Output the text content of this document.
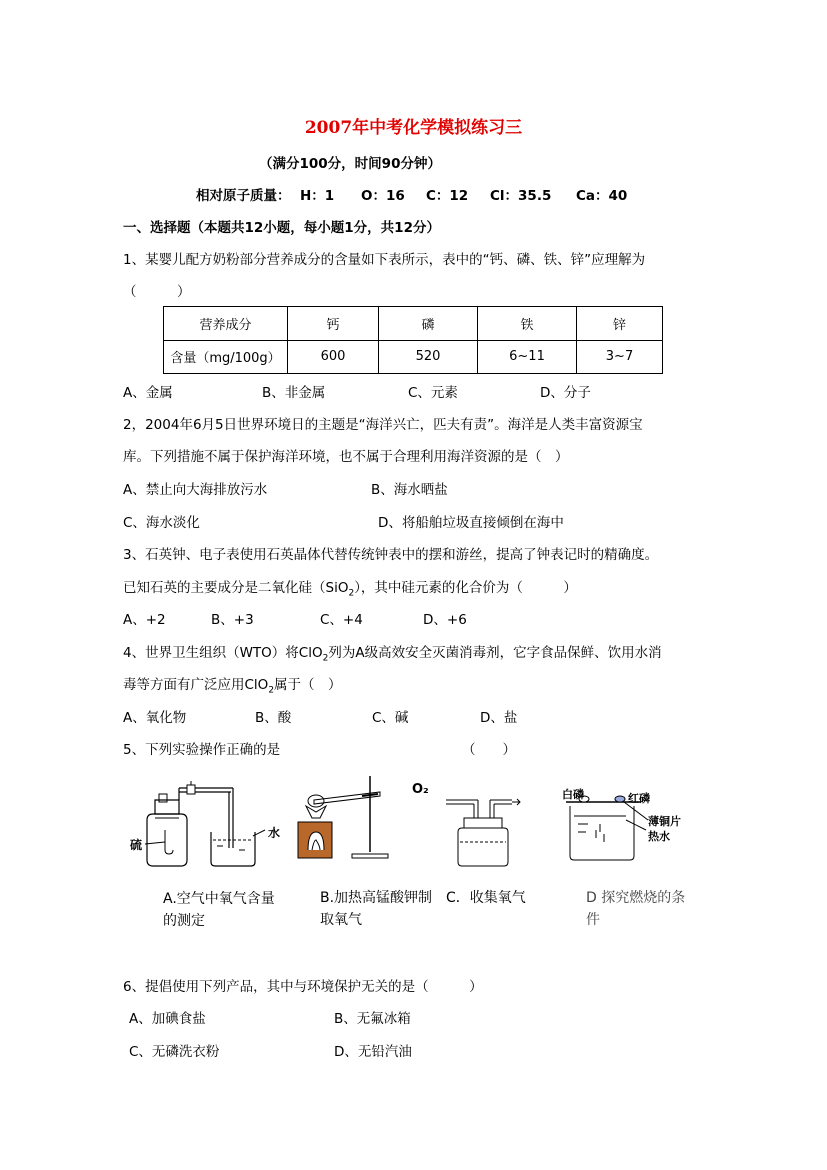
2007年中考化学模拟练习三
（满分100分，时间90分钟）
相对原子质量： H：1 O：16 C：12 Cl：35.5 Ca：40
一、选择题（本题共12小题，每小题1分，共12分）
1、某婴儿配方奶粉部分营养成分的含量如下表所示，表中的“钙、磷、铁、锌”应理解为
（　　　）
营养成分	钙	磷	铁	锌
含量（mg/100g）	600	520	6~11	3~7
A、金属	B、非金属	C、元素	D、分子
2，2004年6月5日世界环境日的主题是“海洋兴亡，匹夫有责”。海洋是人类丰富资源宝
库。下列措施不属于保护海洋环境，也不属于合理利用海洋资源的是（　）
A、禁止向大海排放污水	B、海水晒盐
C、海水淡化	D、将船舶垃圾直接倾倒在海中
3、石英钟、电子表使用石英晶体代替传统钟表中的摆和游丝，提高了钟表记时的精确度。
已知石英的主要成分是二氧化硅（SiO$_2$），其中硅元素的化合价为（　　　）
A、+2	B、+3	C、+4	D、+6
4、世界卫生组织（WTO）将ClO$_2$列为A级高效安全灭菌消毒剂，它字食品保鲜、饮用水消
毒等方面有广泛应用ClO$_2$属于（　）
A、氧化物	B、酸	C、碱	D、盐
5、下列实验操作正确的是	（　　）
硫
水
O₂	白磷	红磷
薄铜片
热水
A.空气中氧气含量的测定
B.加热高锰酸钾制取氧气
C．收集氧气	D 探究燃烧的条件
6、提倡使用下列产品，其中与环境保护无关的是（　　　）
A、加碘食盐	B、无氟冰箱
C、无磷洗衣粉	D、无铅汽油
